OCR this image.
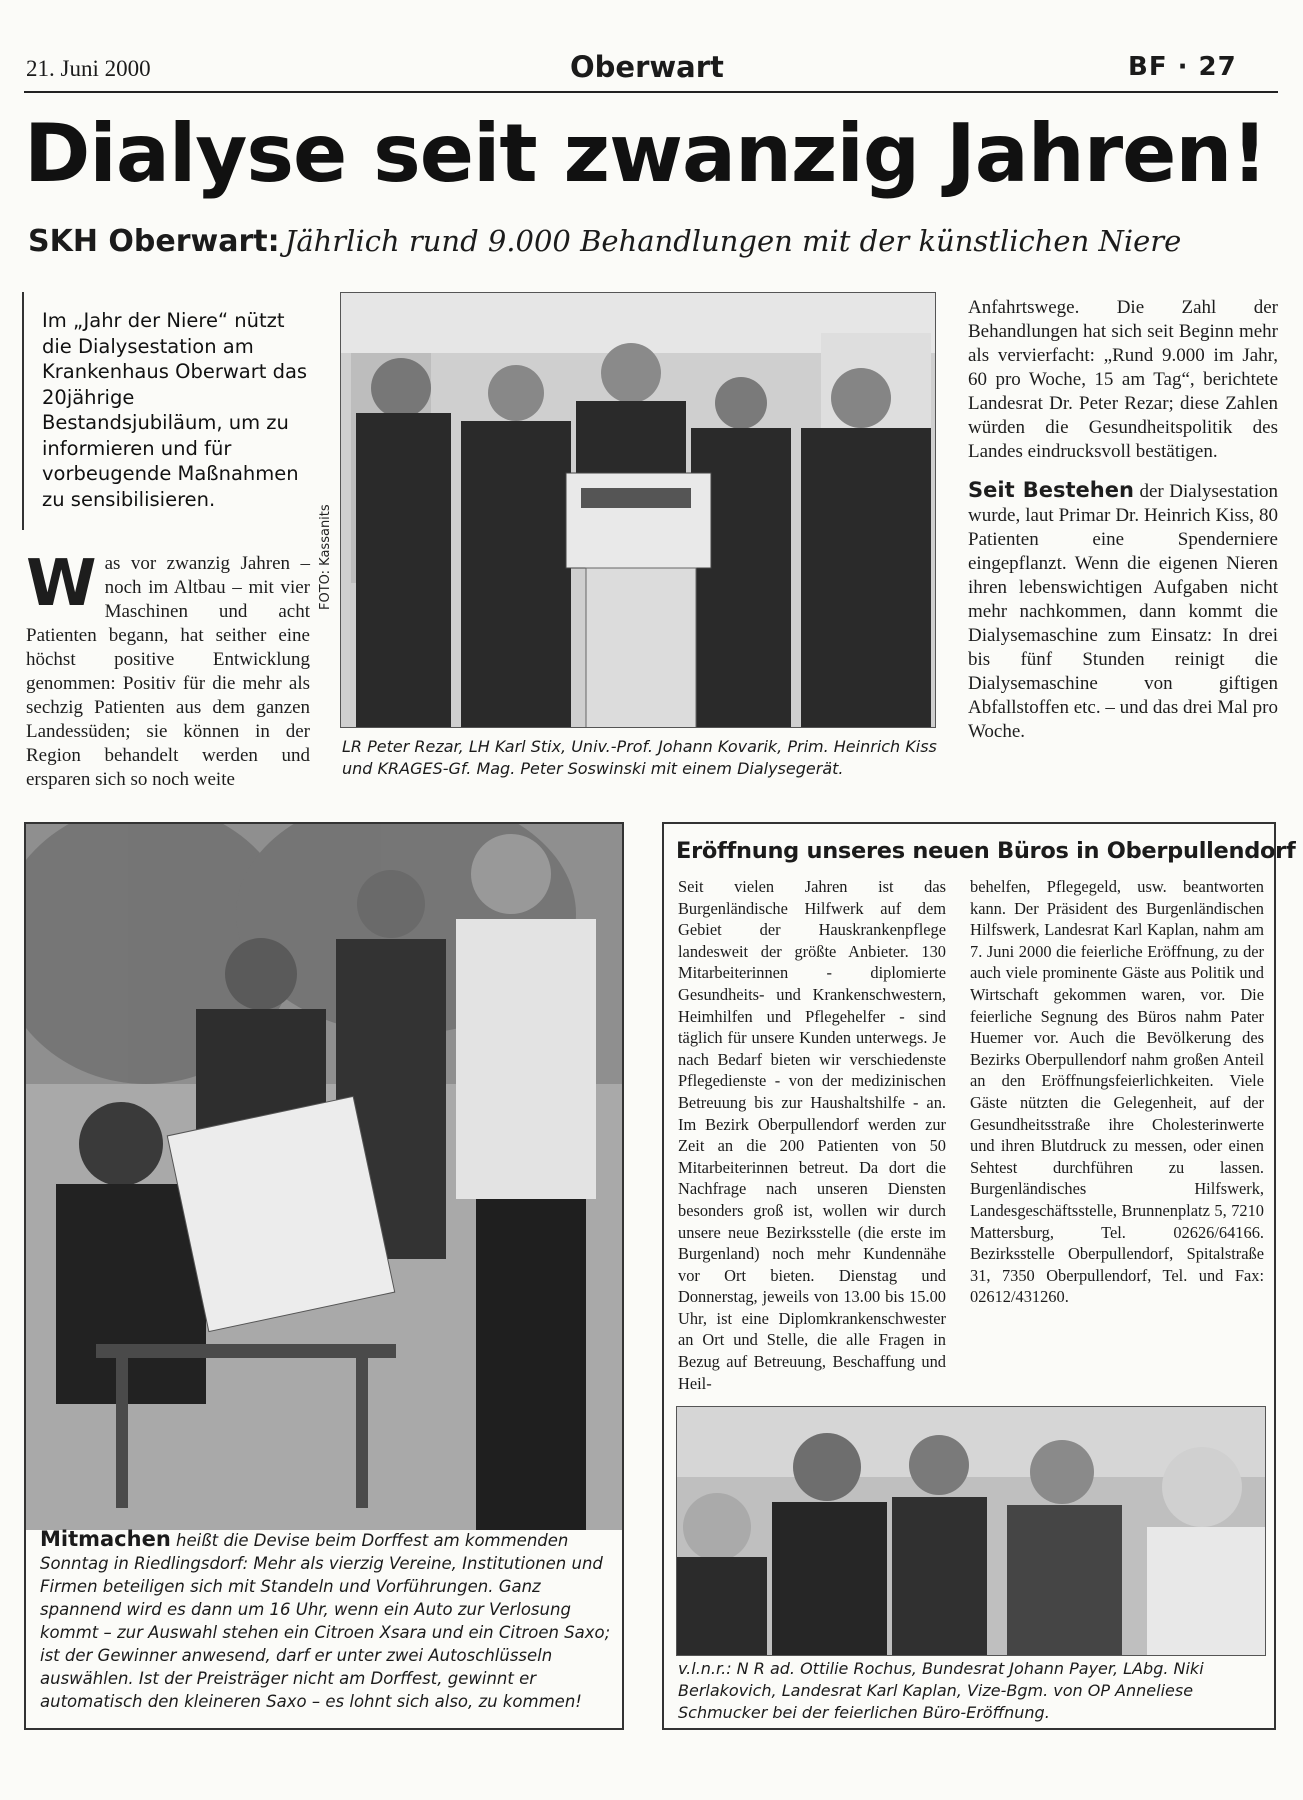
21. Juni 2000	Oberwart	BF · 27
Dialyse seit zwanzig Jahren!
SKH Oberwart: Jährlich rund 9.000 Behandlungen mit der künstlichen Niere
Im „Jahr der Niere“ nützt die Dialysestation am Krankenhaus Oberwart das 20jährige Bestandsjubiläum, um zu informieren und für vorbeugende Maßnahmen zu sensibilisieren.
W as vor zwanzig Jahren – noch im Altbau – mit vier Maschinen und acht Patienten begann, hat seither eine höchst positive Entwicklung genommen: Positiv für die mehr als sechzig Patienten aus dem ganzen Landessüden; sie können in der Region behandelt werden und ersparen sich so noch weite
FOTO: Kassanits
LR Peter Rezar, LH Karl Stix, Univ.-Prof. Johann Kovarik, Prim. Heinrich Kiss und KRAGES-Gf. Mag. Peter Soswinski mit einem Dialysegerät.

Anfahrtswege. Die Zahl der Behandlungen hat sich seit Beginn mehr als vervierfacht: „Rund 9.000 im Jahr, 60 pro Woche, 15 am Tag“, berichtete Landesrat Dr. Peter Rezar; diese Zahlen würden die Gesundheitspolitik des Landes eindrucksvoll bestätigen.

Seit Bestehen der Dialysestation wurde, laut Primar Dr. Heinrich Kiss, 80 Patienten eine Spenderniere eingepflanzt. Wenn die eigenen Nieren ihren lebenswichtigen Aufgaben nicht mehr nachkommen, dann kommt die Dialysemaschine zum Einsatz: In drei bis fünf Stunden reinigt die Dialysemaschine von giftigen Abfallstoffen etc. – und das drei Mal pro Woche.

Mitmachen heißt die Devise beim Dorffest am kommenden Sonntag in Riedlingsdorf: Mehr als vierzig Vereine, Institutionen und Firmen beteiligen sich mit Standeln und Vorführungen. Ganz spannend wird es dann um 16 Uhr, wenn ein Auto zur Verlosung kommt – zur Auswahl stehen ein Citroen Xsara und ein Citroen Saxo; ist der Gewinner anwesend, darf er unter zwei Autoschlüsseln auswählen. Ist der Preisträger nicht am Dorffest, gewinnt er automatisch den kleineren Saxo – es lohnt sich also, zu kommen!
Eröffnung unseres neuen Büros in Oberpullendorf
Seit vielen Jahren ist das Burgenländische Hilfwerk auf dem Gebiet der Hauskrankenpflege landesweit der größte Anbieter. 130 Mitarbeiterinnen - diplomierte Gesundheits- und Krankenschwestern, Heimhilfen und Pflegehelfer - sind täglich für unsere Kunden unterwegs. Je nach Bedarf bieten wir verschiedenste Pflegedienste - von der medizinischen Betreuung bis zur Haushaltshilfe - an. Im Bezirk Oberpullendorf werden zur Zeit an die 200 Patienten von 50 Mitarbeiterinnen betreut. Da dort die Nachfrage nach unseren Diensten besonders groß ist, wollen wir durch unsere neue Bezirksstelle (die erste im Burgenland) noch mehr Kundennähe vor Ort bieten. Dienstag und Donnerstag, jeweils von 13.00 bis 15.00 Uhr, ist eine Diplomkrankenschwester an Ort und Stelle, die alle Fragen in Bezug auf Betreuung, Beschaffung und Heil-
behelfen, Pflegegeld, usw. beantworten kann. Der Präsident des Burgenländischen Hilfswerk, Landesrat Karl Kaplan, nahm am 7. Juni 2000 die feierliche Eröffnung, zu der auch viele prominente Gäste aus Politik und Wirtschaft gekommen waren, vor. Die feierliche Segnung des Büros nahm Pater Huemer vor. Auch die Bevölkerung des Bezirks Oberpullendorf nahm großen Anteil an den Eröffnungsfeierlichkeiten. Viele Gäste nützten die Gelegenheit, auf der Gesundheitsstraße ihre Cholesterinwerte und ihren Blutdruck zu messen, oder einen Sehtest durchführen zu lassen. Burgenländisches Hilfswerk, Landesgeschäftsstelle, Brunnenplatz 5, 7210 Mattersburg, Tel. 02626/64166. Bezirksstelle Oberpullendorf, Spitalstraße 31, 7350 Oberpullendorf, Tel. und Fax: 02612/431260.
v.l.n.r.: N R ad. Ottilie Rochus, Bundesrat Johann Payer, LAbg. Niki Berlakovich, Landesrat Karl Kaplan, Vize-Bgm. von OP Anneliese Schmucker bei der feierlichen Büro-Eröffnung.
